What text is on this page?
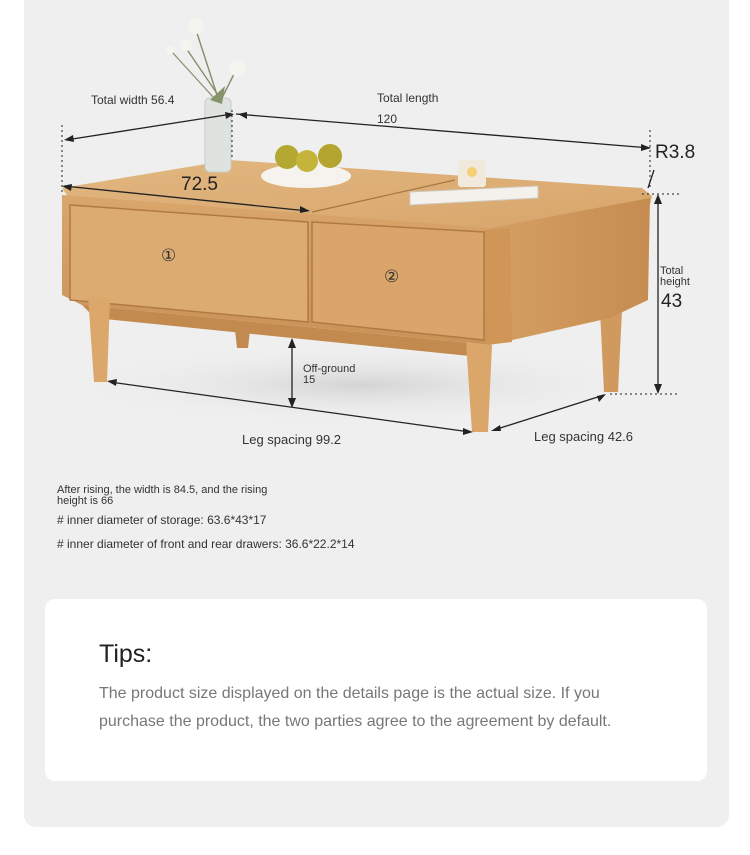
Total width 56.4	Total length
120
72.5
R3.8
Total
height
43
Off-ground
15
Leg spacing 99.2	Leg spacing 42.6
①
②
After rising, the width is 84.5, and the rising
height is 66
# inner diameter of storage: 63.6*43*17
# inner diameter of front and rear drawers: 36.6*22.2*14
Tips:
The product size displayed on the details page is the actual size. If you purchase the product, the two parties agree to the agreement by default.
